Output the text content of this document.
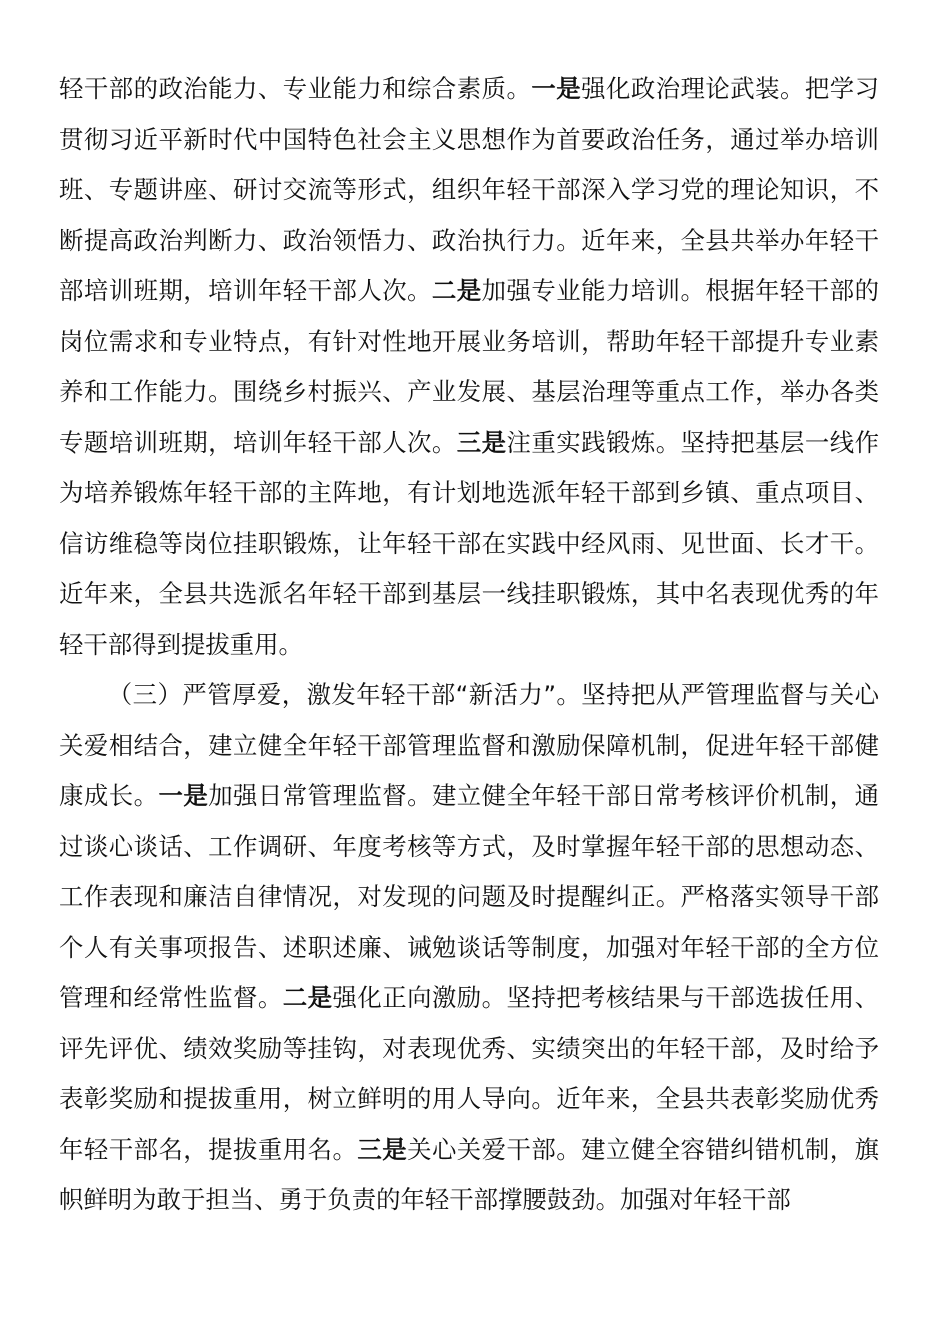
轻干部的政治能力、专业能力和综合素质。一是强化政治理论武装。把学习贯彻习近平新时代中国特色社会主义思想作为首要政治任务，通过举办培训班、专题讲座、研讨交流等形式，组织年轻干部深入学习党的理论知识，不断提高政治判断力、政治领悟力、政治执行力。近年来，全县共举办年轻干部培训班期，培训年轻干部人次。二是加强专业能力培训。根据年轻干部的岗位需求和专业特点，有针对性地开展业务培训，帮助年轻干部提升专业素养和工作能力。围绕乡村振兴、产业发展、基层治理等重点工作，举办各类专题培训班期，培训年轻干部人次。三是注重实践锻炼。坚持把基层一线作为培养锻炼年轻干部的主阵地，有计划地选派年轻干部到乡镇、重点项目、信访维稳等岗位挂职锻炼，让年轻干部在实践中经风雨、见世面、长才干。近年来，全县共选派名年轻干部到基层一线挂职锻炼，其中名表现优秀的年轻干部得到提拔重用。

（三）严管厚爱，激发年轻干部“新活力”。坚持把从严管理监督与关心关爱相结合，建立健全年轻干部管理监督和激励保障机制，促进年轻干部健康成长。一是加强日常管理监督。建立健全年轻干部日常考核评价机制，通过谈心谈话、工作调研、年度考核等方式，及时掌握年轻干部的思想动态、工作表现和廉洁自律情况，对发现的问题及时提醒纠正。严格落实领导干部个人有关事项报告、述职述廉、诫勉谈话等制度，加强对年轻干部的全方位管理和经常性监督。二是强化正向激励。坚持把考核结果与干部选拔任用、评先评优、绩效奖励等挂钩，对表现优秀、实绩突出的年轻干部，及时给予表彰奖励和提拔重用，树立鲜明的用人导向。近年来，全县共表彰奖励优秀年轻干部名，提拔重用名。三是关心关爱干部。建立健全容错纠错机制，旗帜鲜明为敢于担当、勇于负责的年轻干部撑腰鼓劲。加强对年轻干部
